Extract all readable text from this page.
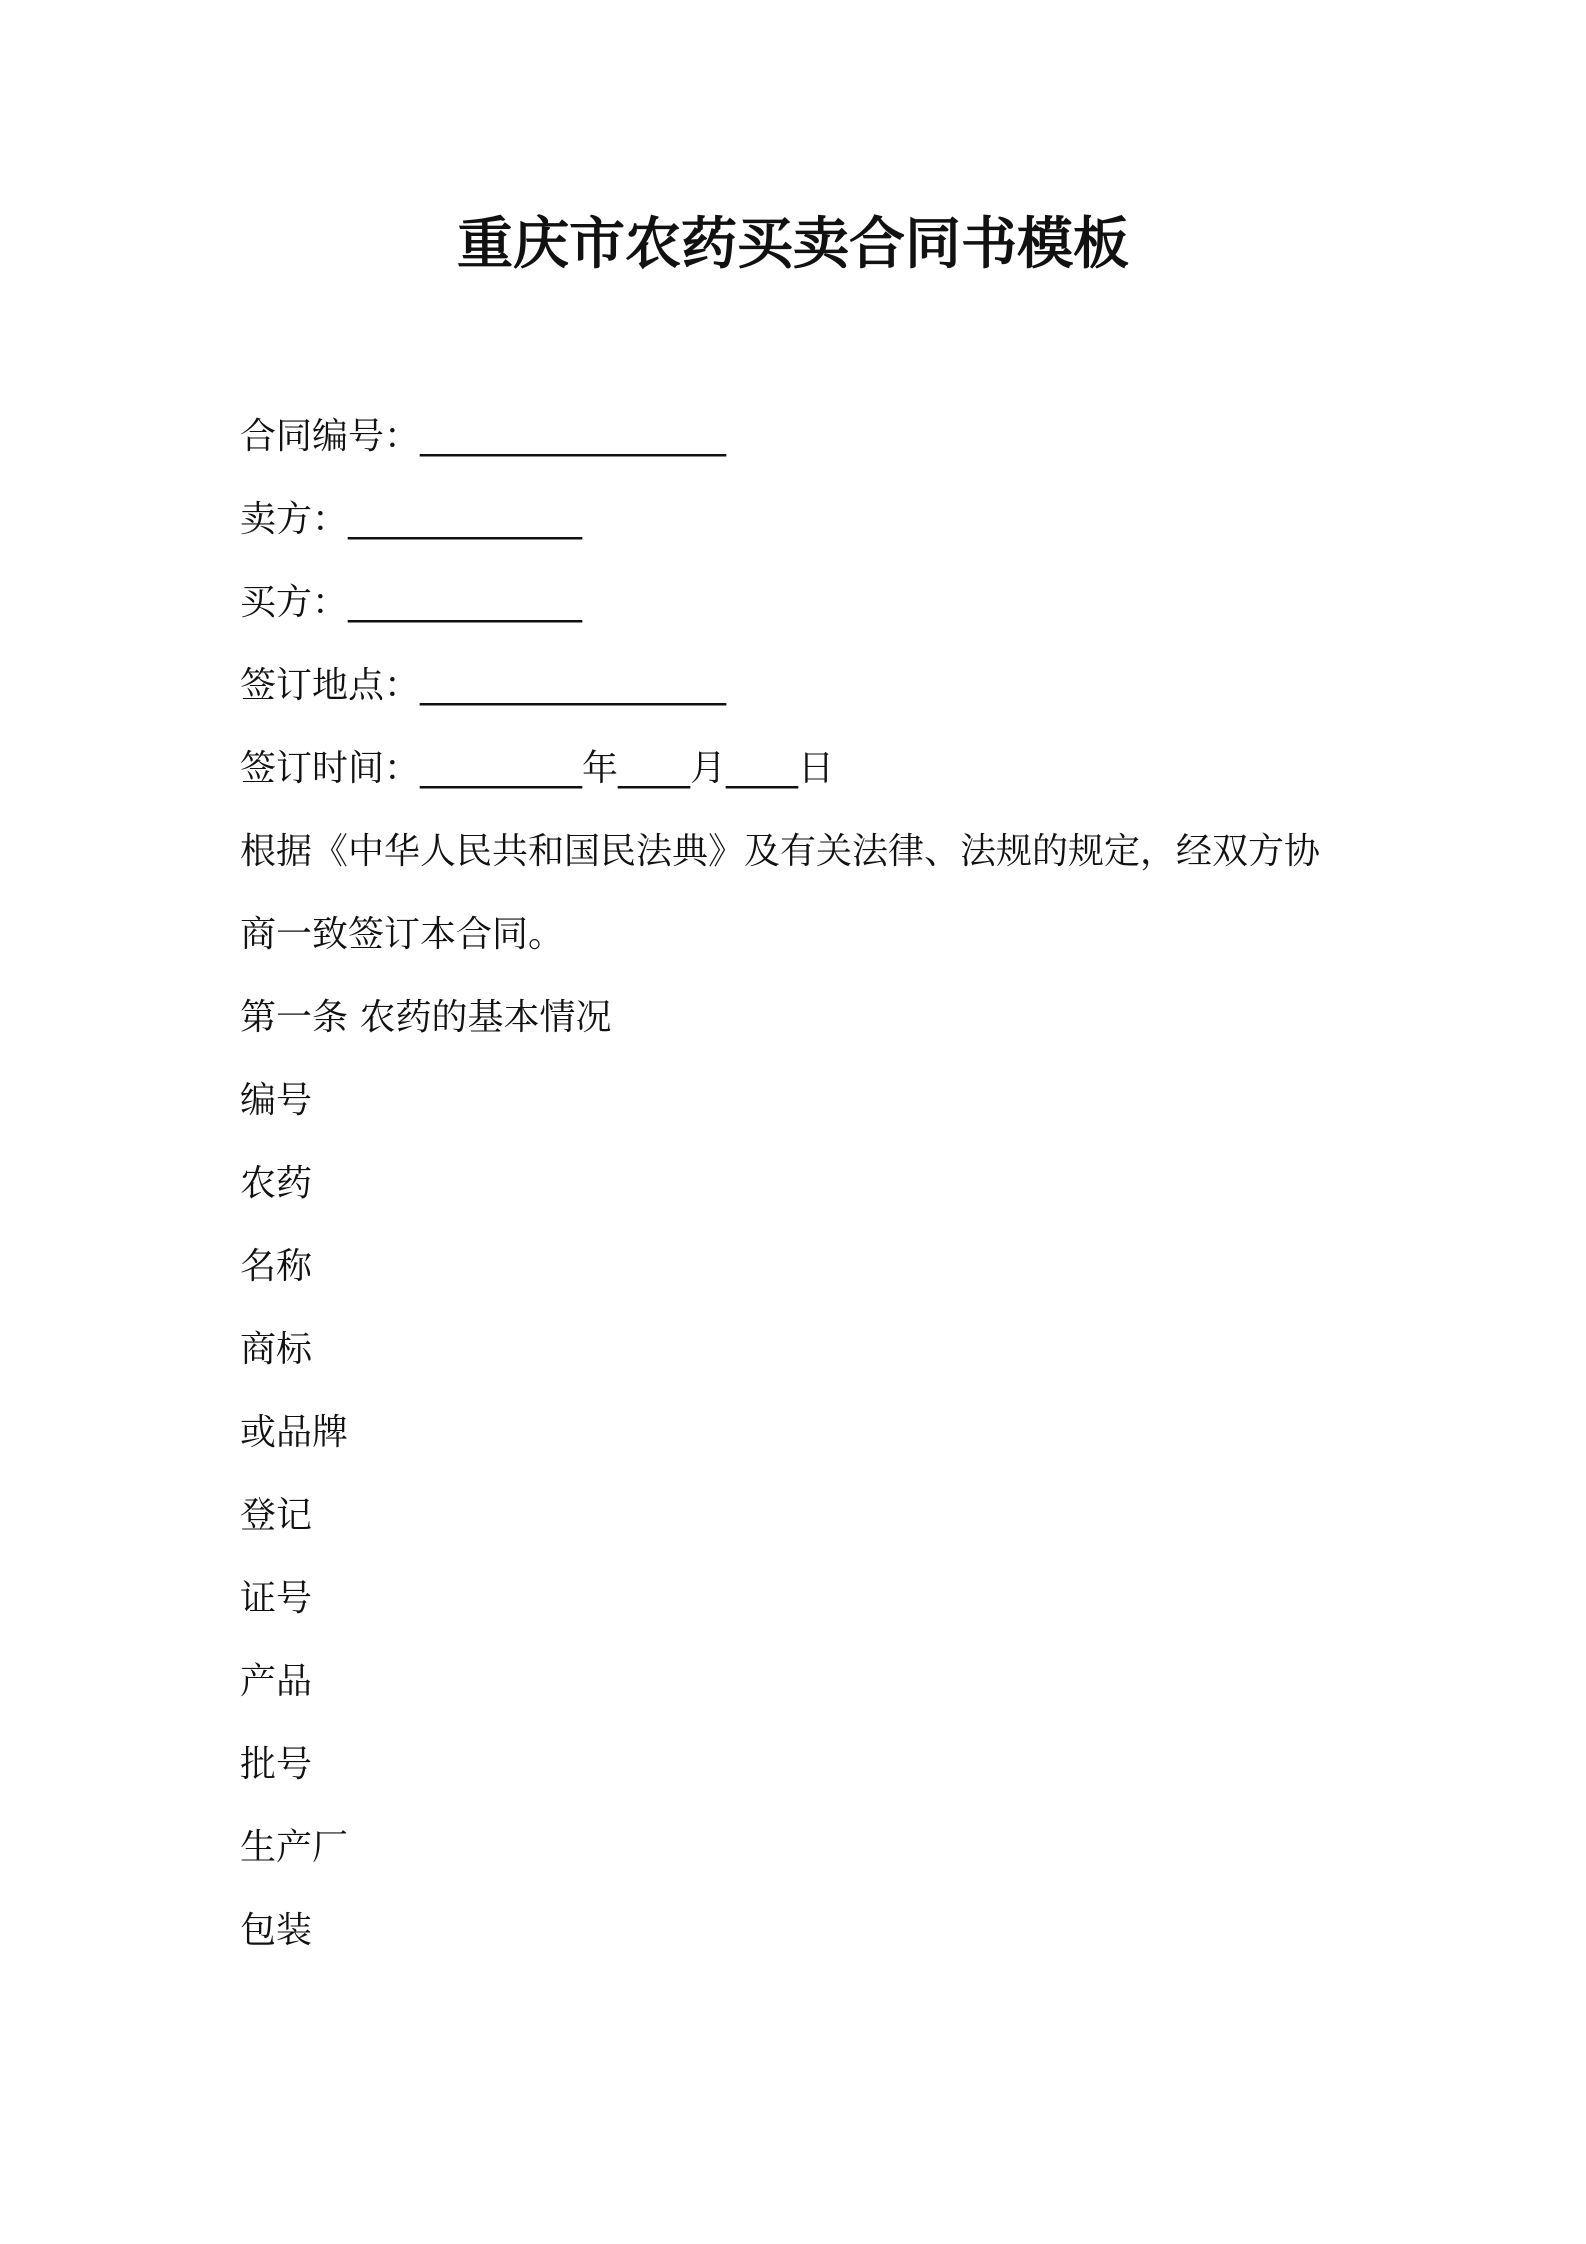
重庆市农药买卖合同书模板
合同编号：_________________
卖方：_____________
买方：_____________
签订地点：_________________
签订时间：_________年____月____日
根据《中华人民共和国民法典》及有关法律、法规的规定，经双方协
商一致签订本合同。
第一条 农药的基本情况
编号
农药
名称
商标
或品牌
登记
证号
产品
批号
生产厂
包装
